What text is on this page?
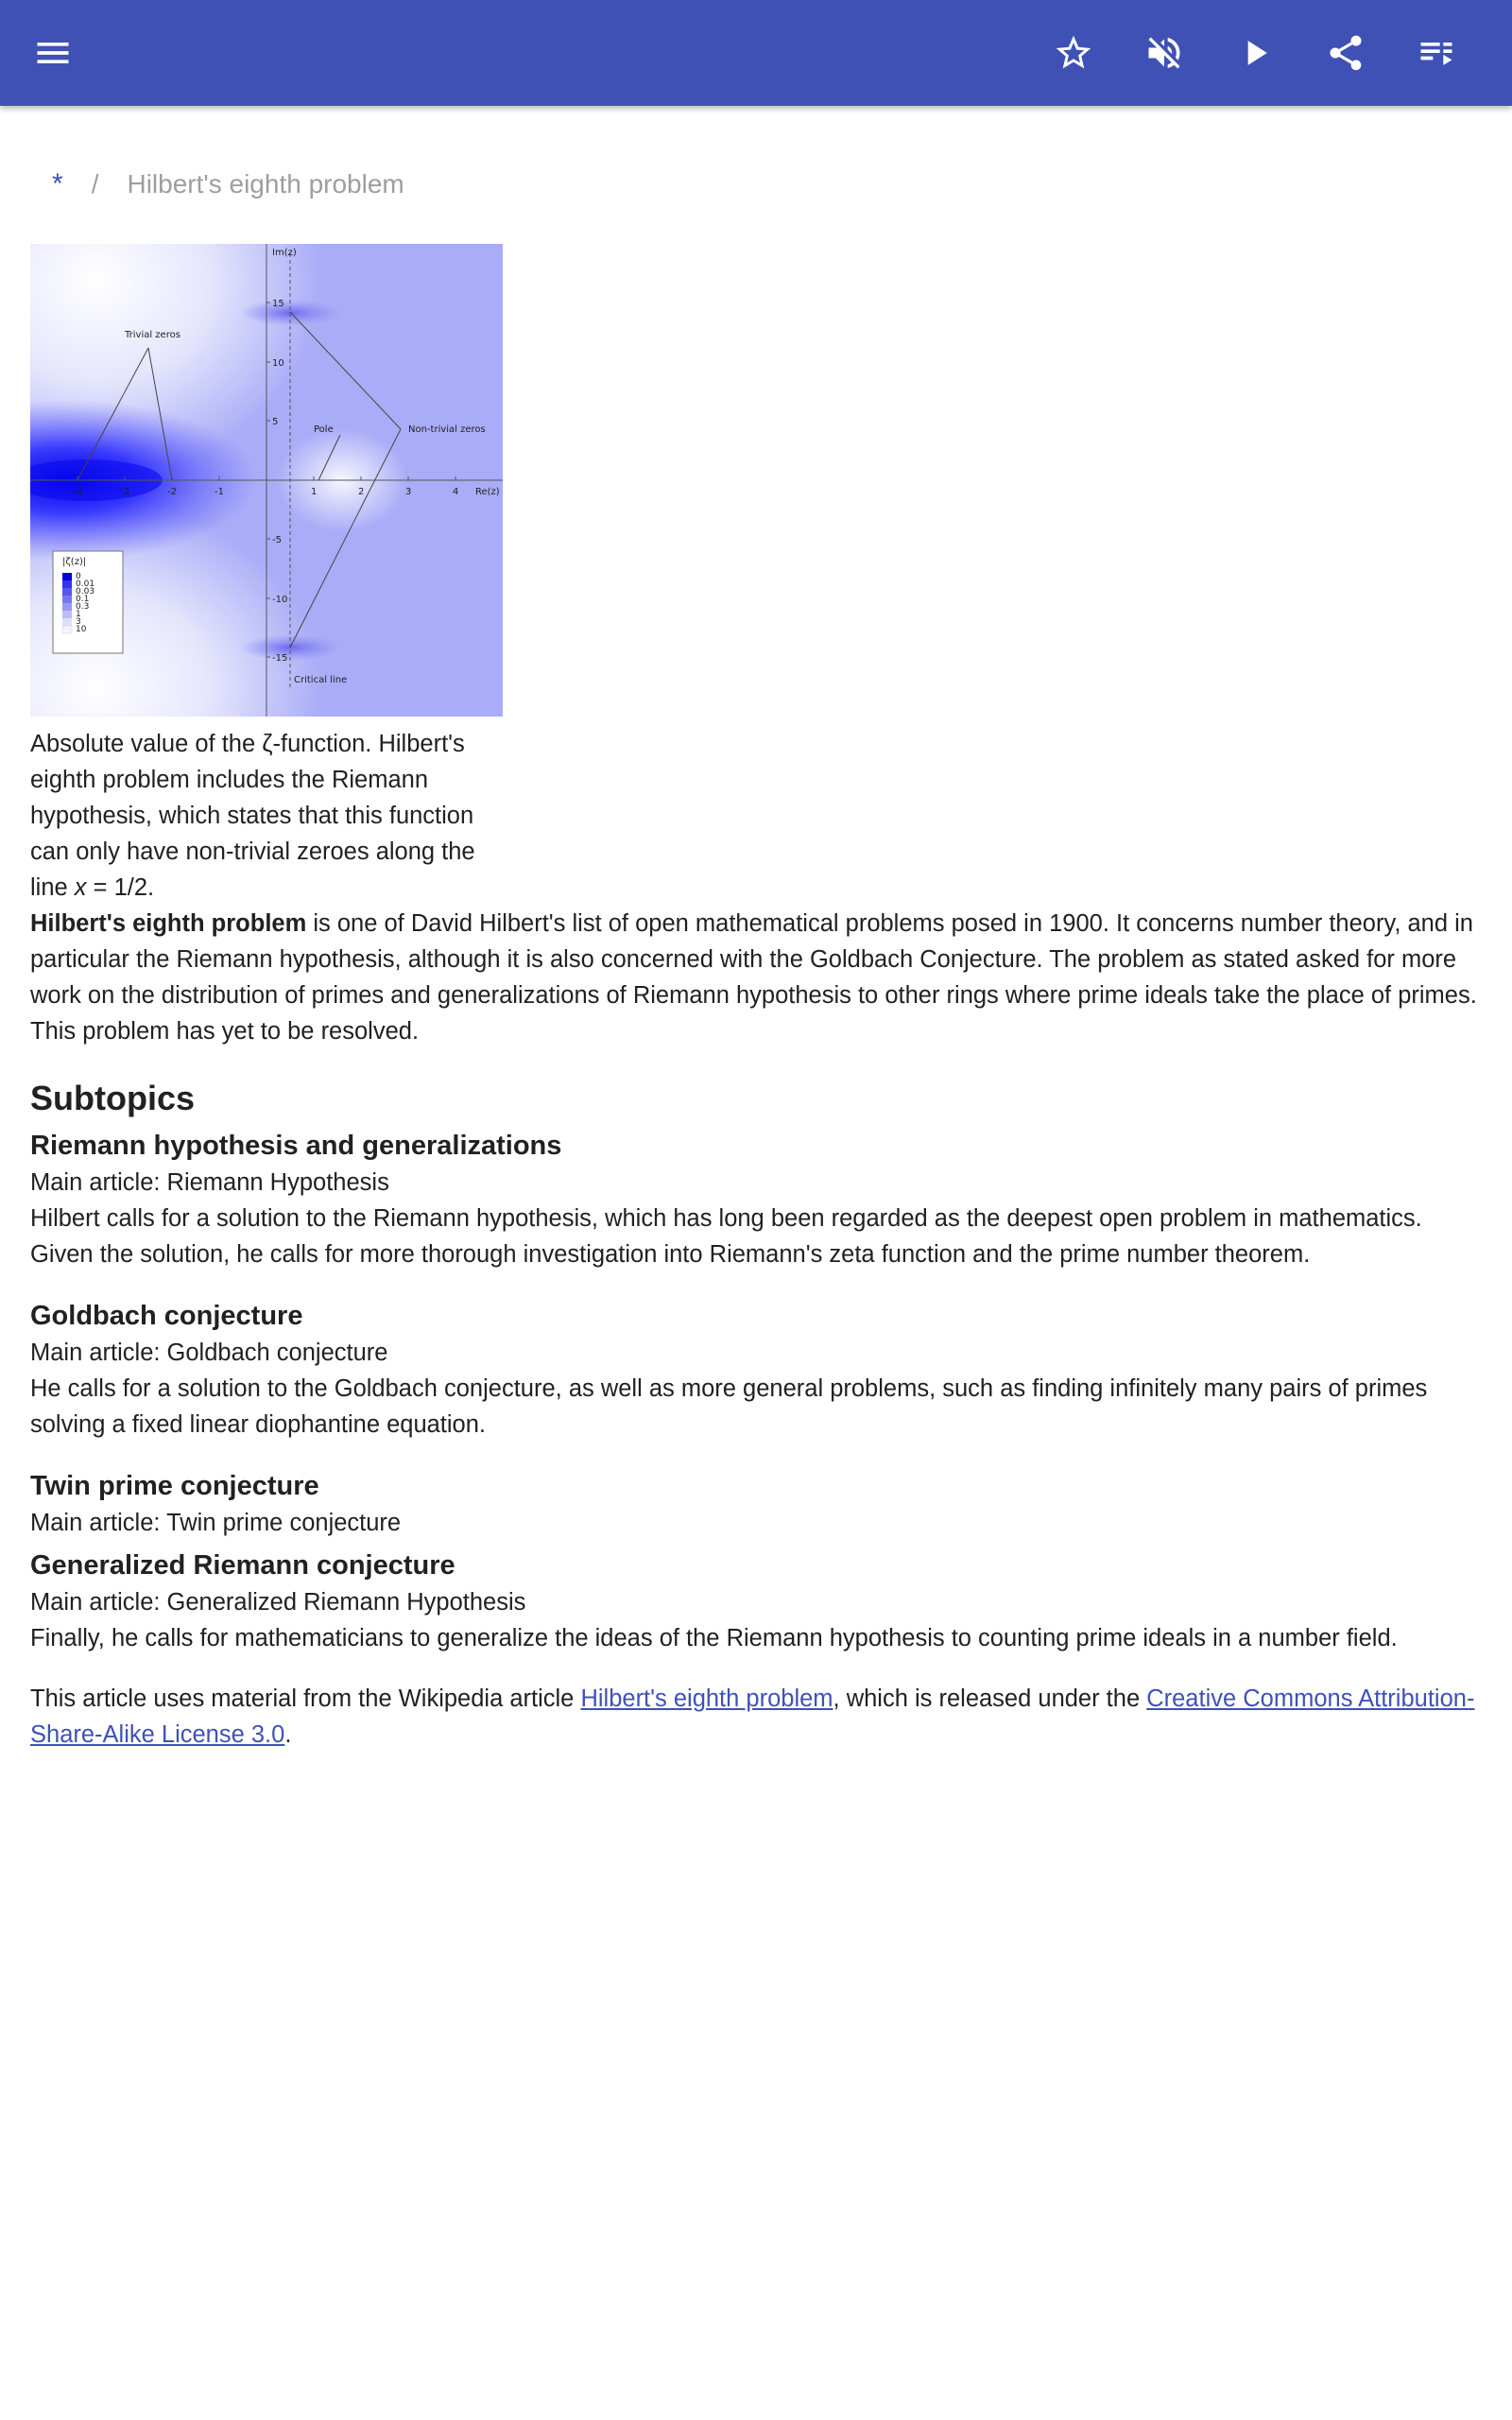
* / Hilbert's eighth problem
Im(z)
Re(z)
15
10
5
-5
-10
-15
-4	-3	-2	-1	1	2	3	4
Trivial zeros
Pole	Non-trivial zeros
Critical line
|ζ(z)|
0
0.01
0.03
0.1
0.3
1
3
10
Absolute value of the ζ-function. Hilbert's eighth problem includes the Riemann hypothesis, which states that this function can only have non-trivial zeroes along the line x = 1/2.

Hilbert's eighth problem is one of David Hilbert's list of open mathematical problems posed in 1900. It concerns number theory, and in particular the Riemann hypothesis, although it is also concerned with the Goldbach Conjecture. The problem as stated asked for more work on the distribution of primes and generalizations of Riemann hypothesis to other rings where prime ideals take the place of primes. This problem has yet to be resolved.

Subtopics
Riemann hypothesis and generalizations

Main article: Riemann Hypothesis

Hilbert calls for a solution to the Riemann hypothesis, which has long been regarded as the deepest open problem in mathematics. Given the solution, he calls for more thorough investigation into Riemann's zeta function and the prime number theorem.

Goldbach conjecture

Main article: Goldbach conjecture

He calls for a solution to the Goldbach conjecture, as well as more general problems, such as finding infinitely many pairs of primes solving a fixed linear diophantine equation.

Twin prime conjecture

Main article: Twin prime conjecture

Generalized Riemann conjecture

Main article: Generalized Riemann Hypothesis

Finally, he calls for mathematicians to generalize the ideas of the Riemann hypothesis to counting prime ideals in a number field.

This article uses material from the Wikipedia article Hilbert's eighth problem, which is released under the Creative Commons Attribution-Share-Alike License 3.0.
